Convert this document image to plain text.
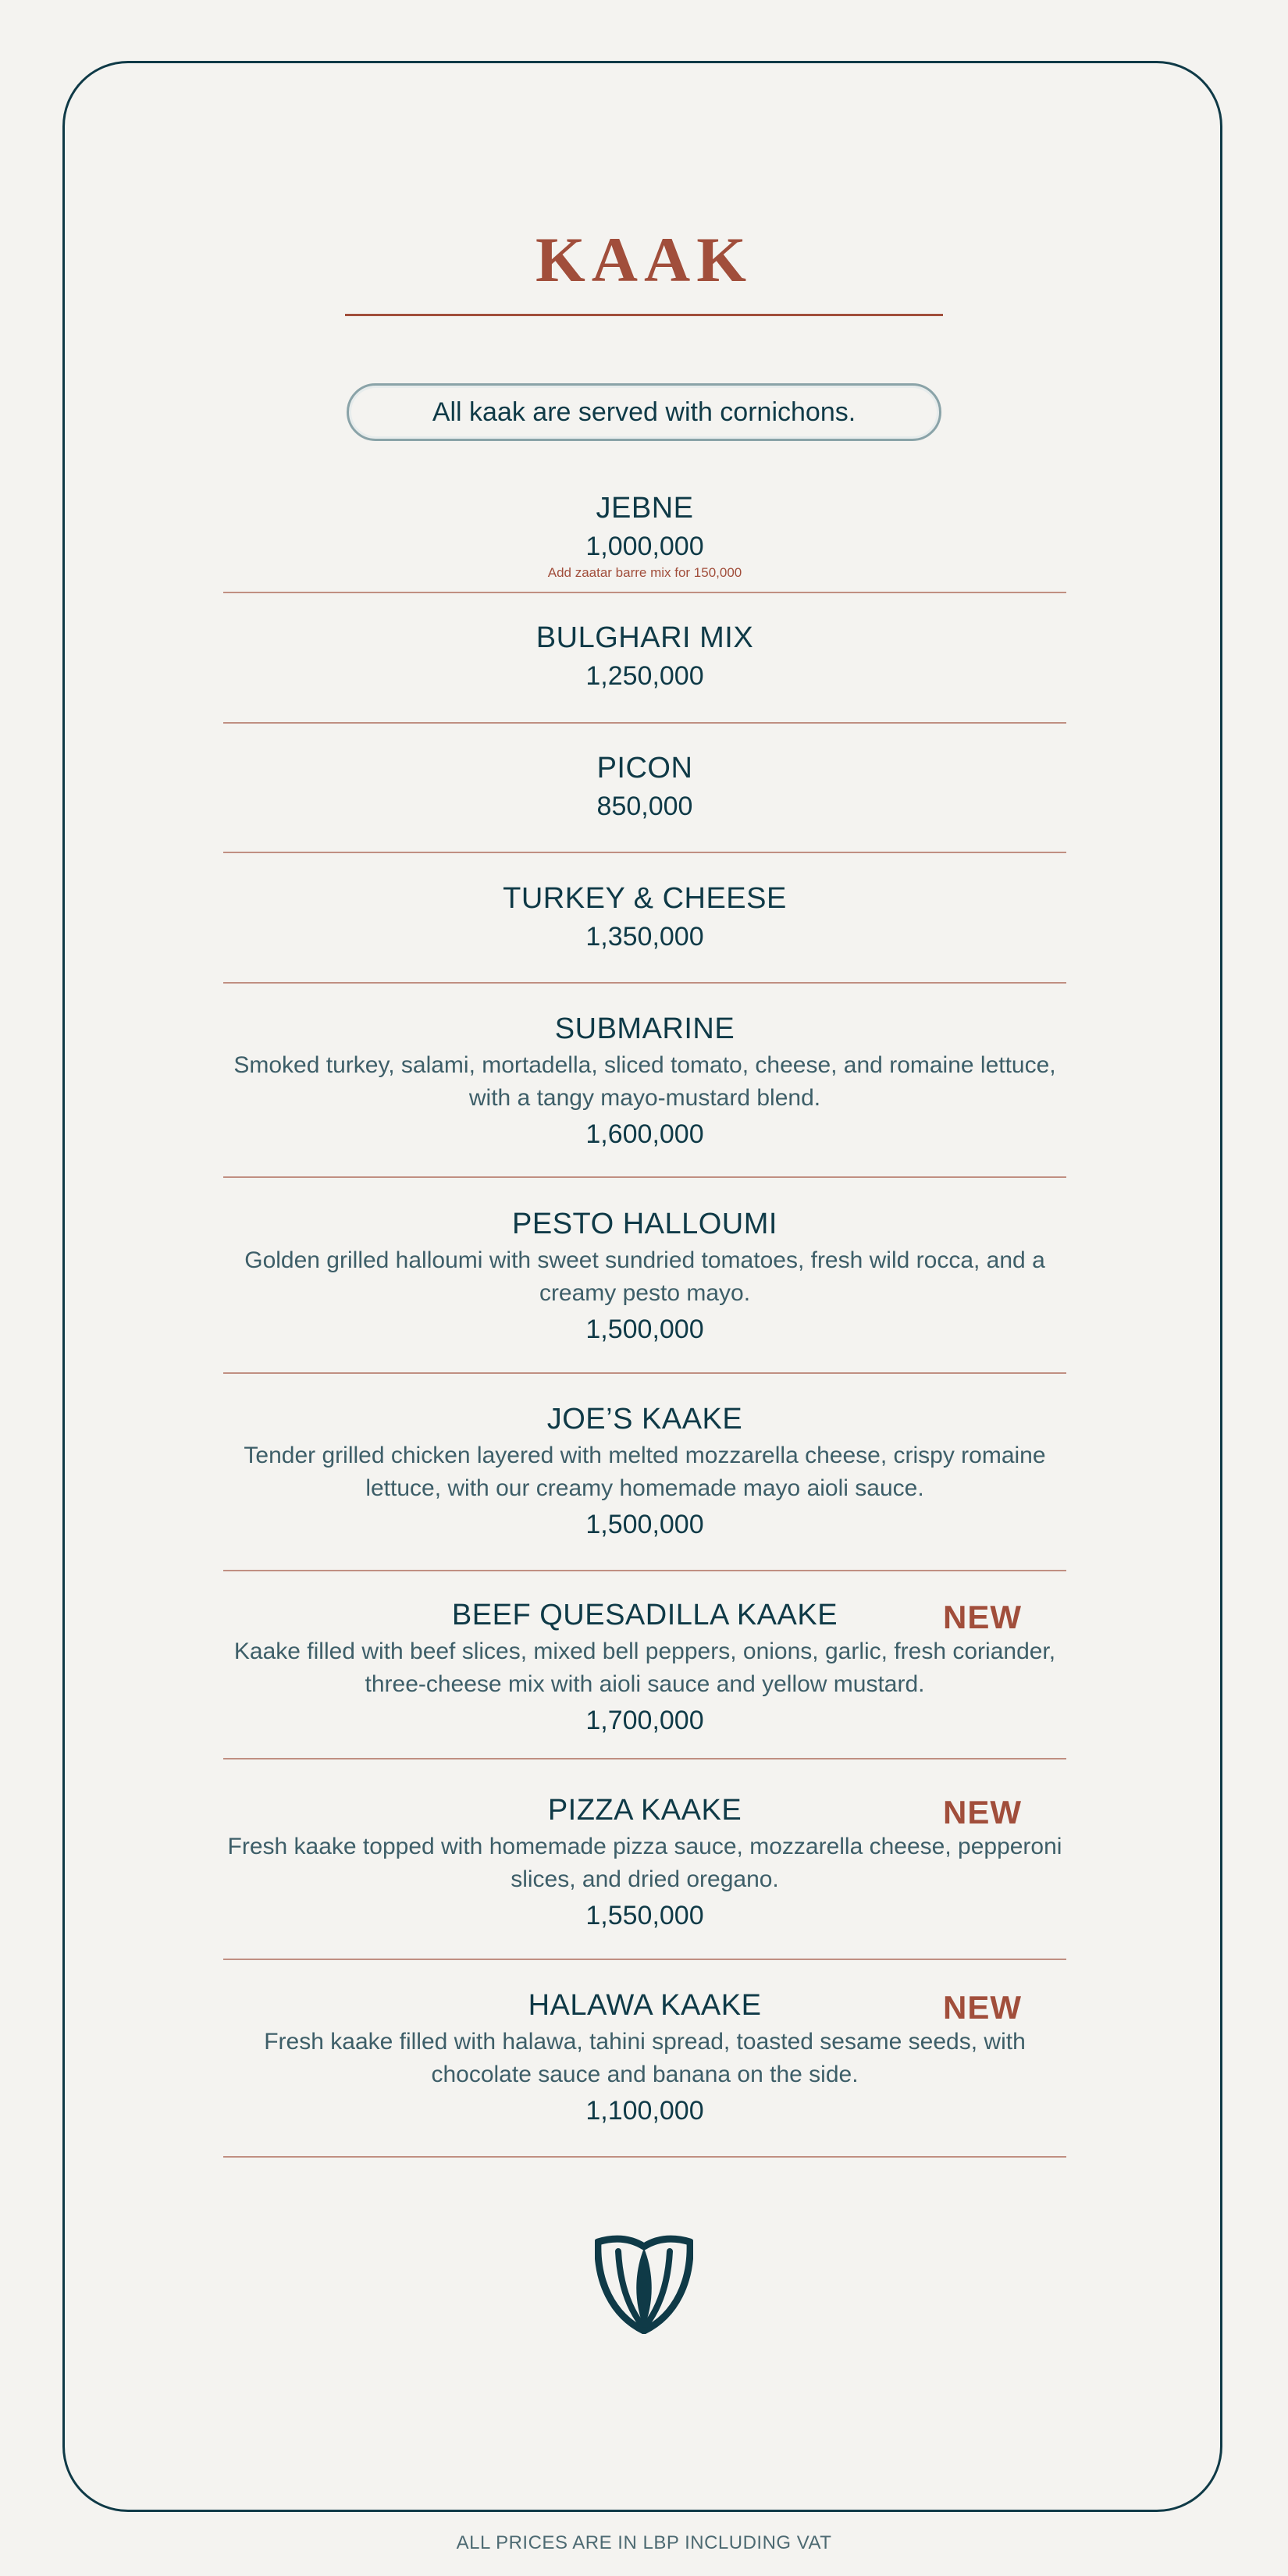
KAAK
All kaak are served with cornichons.
JEBNE
1,000,000
Add zaatar barre mix for 150,000
BULGHARI MIX
1,250,000
PICON
850,000
TURKEY & CHEESE
1,350,000
SUBMARINE
Smoked turkey, salami, mortadella, sliced tomato, cheese, and romaine lettuce, with a tangy mayo-mustard blend.
1,600,000
PESTO HALLOUMI
Golden grilled halloumi with sweet sundried tomatoes, fresh wild rocca, and a creamy pesto mayo.
1,500,000
JOE’S KAAKE
Tender grilled chicken layered with melted mozzarella cheese, crispy romaine lettuce, with our creamy homemade mayo aioli sauce.
1,500,000
BEEF QUESADILLA KAAKE
Kaake filled with beef slices, mixed bell peppers, onions, garlic, fresh coriander, three-cheese mix with aioli sauce and yellow mustard.
1,700,000
NEW
PIZZA KAAKE
Fresh kaake topped with homemade pizza sauce, mozzarella cheese, pepperoni slices, and dried oregano.
1,550,000
NEW
HALAWA KAAKE
Fresh kaake filled with halawa, tahini spread, toasted sesame seeds, with chocolate sauce and banana on the side.
1,100,000
NEW
ALL PRICES ARE IN LBP INCLUDING VAT
